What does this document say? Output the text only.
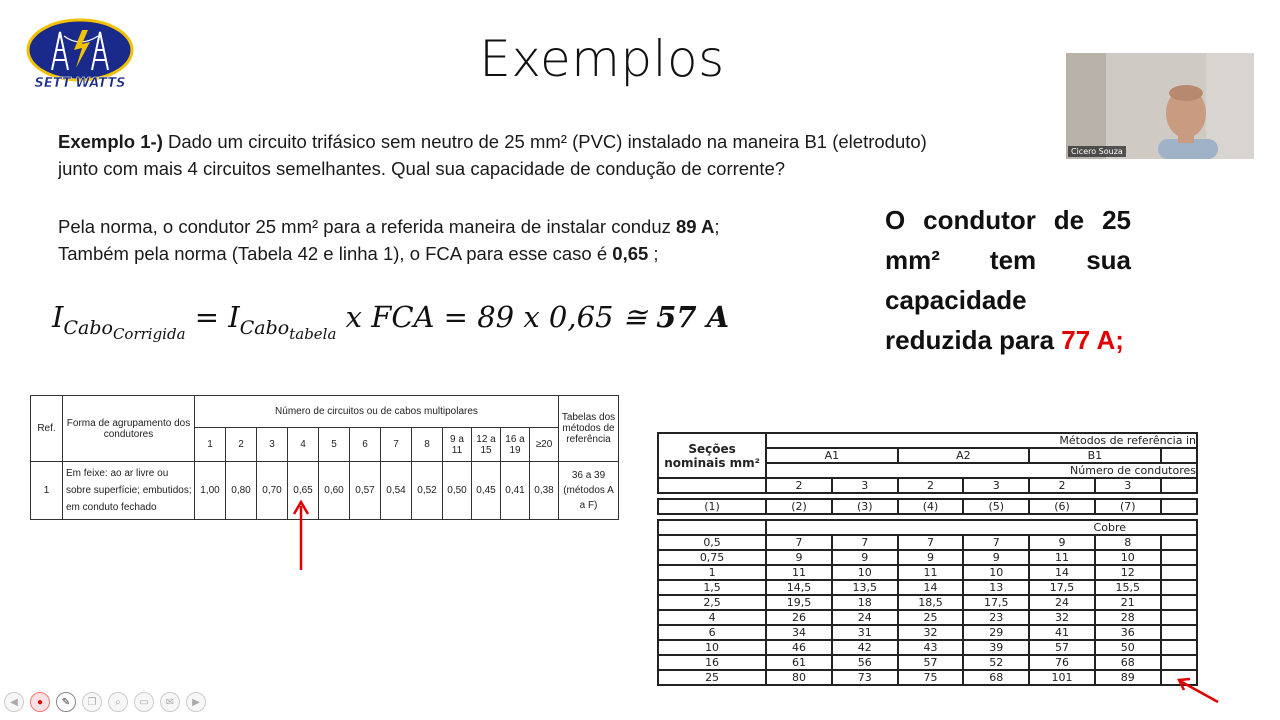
SETT WATTS	Exemplos
Cicero Souza
Exemplo 1-) Dado um circuito trifásico sem neutro de 25 mm² (PVC) instalado na maneira B1 (eletroduto)
junto com mais 4 circuitos semelhantes. Qual sua capacidade de condução de corrente?
Pela norma, o condutor 25 mm² para a referida maneira de instalar conduz 89 A;
Também pela norma (Tabela 42 e linha 1), o FCA para esse caso é 0,65 ;
$I_{Cabo_{Corrigida}} = I_{Cabo_{tabela}}$ x FCA = 89 x 0,65 ≅ 57 A
O condutor de 25 mm² tem sua capacidade reduzida para 77 A;
Ref.	Forma de agrupamento dos condutores	Número de circuitos ou de cabos multipolares												Tabelas dos métodos de referência
		1	2	3	4	5	6	7	8	9 a 11	12 a 15	16 a 19	≥20	
1	Em feixe: ao ar livre ou sobre superfície; embutidos; em conduto fechado	1,00	0,80	0,70	0,65	0,60	0,57	0,54	0,52	0,50	0,45	0,41	0,38	36 a 39 (métodos A a F)
Seções nominais mm²	Métodos de referência in						
	A1		A2		B1		
	Número de condutores						
	2	3	2	3	2	3	

(1)	(2)	(3)	(4)	(5)	(6)	(7)	

	Cobre						
0,5	7	7	7	7	9	8	
0,75	9	9	9	9	11	10	
1	11	10	11	10	14	12	
1,5	14,5	13,5	14	13	17,5	15,5	
2,5	19,5	18	18,5	17,5	24	21	
4	26	24	25	23	32	28	
6	34	31	32	29	41	36	
10	46	42	43	39	57	50	
16	61	56	57	52	76	68	
25	80	73	75	68	101	89	
◀	●	✎	❐	⌕	▭	✉	▶
